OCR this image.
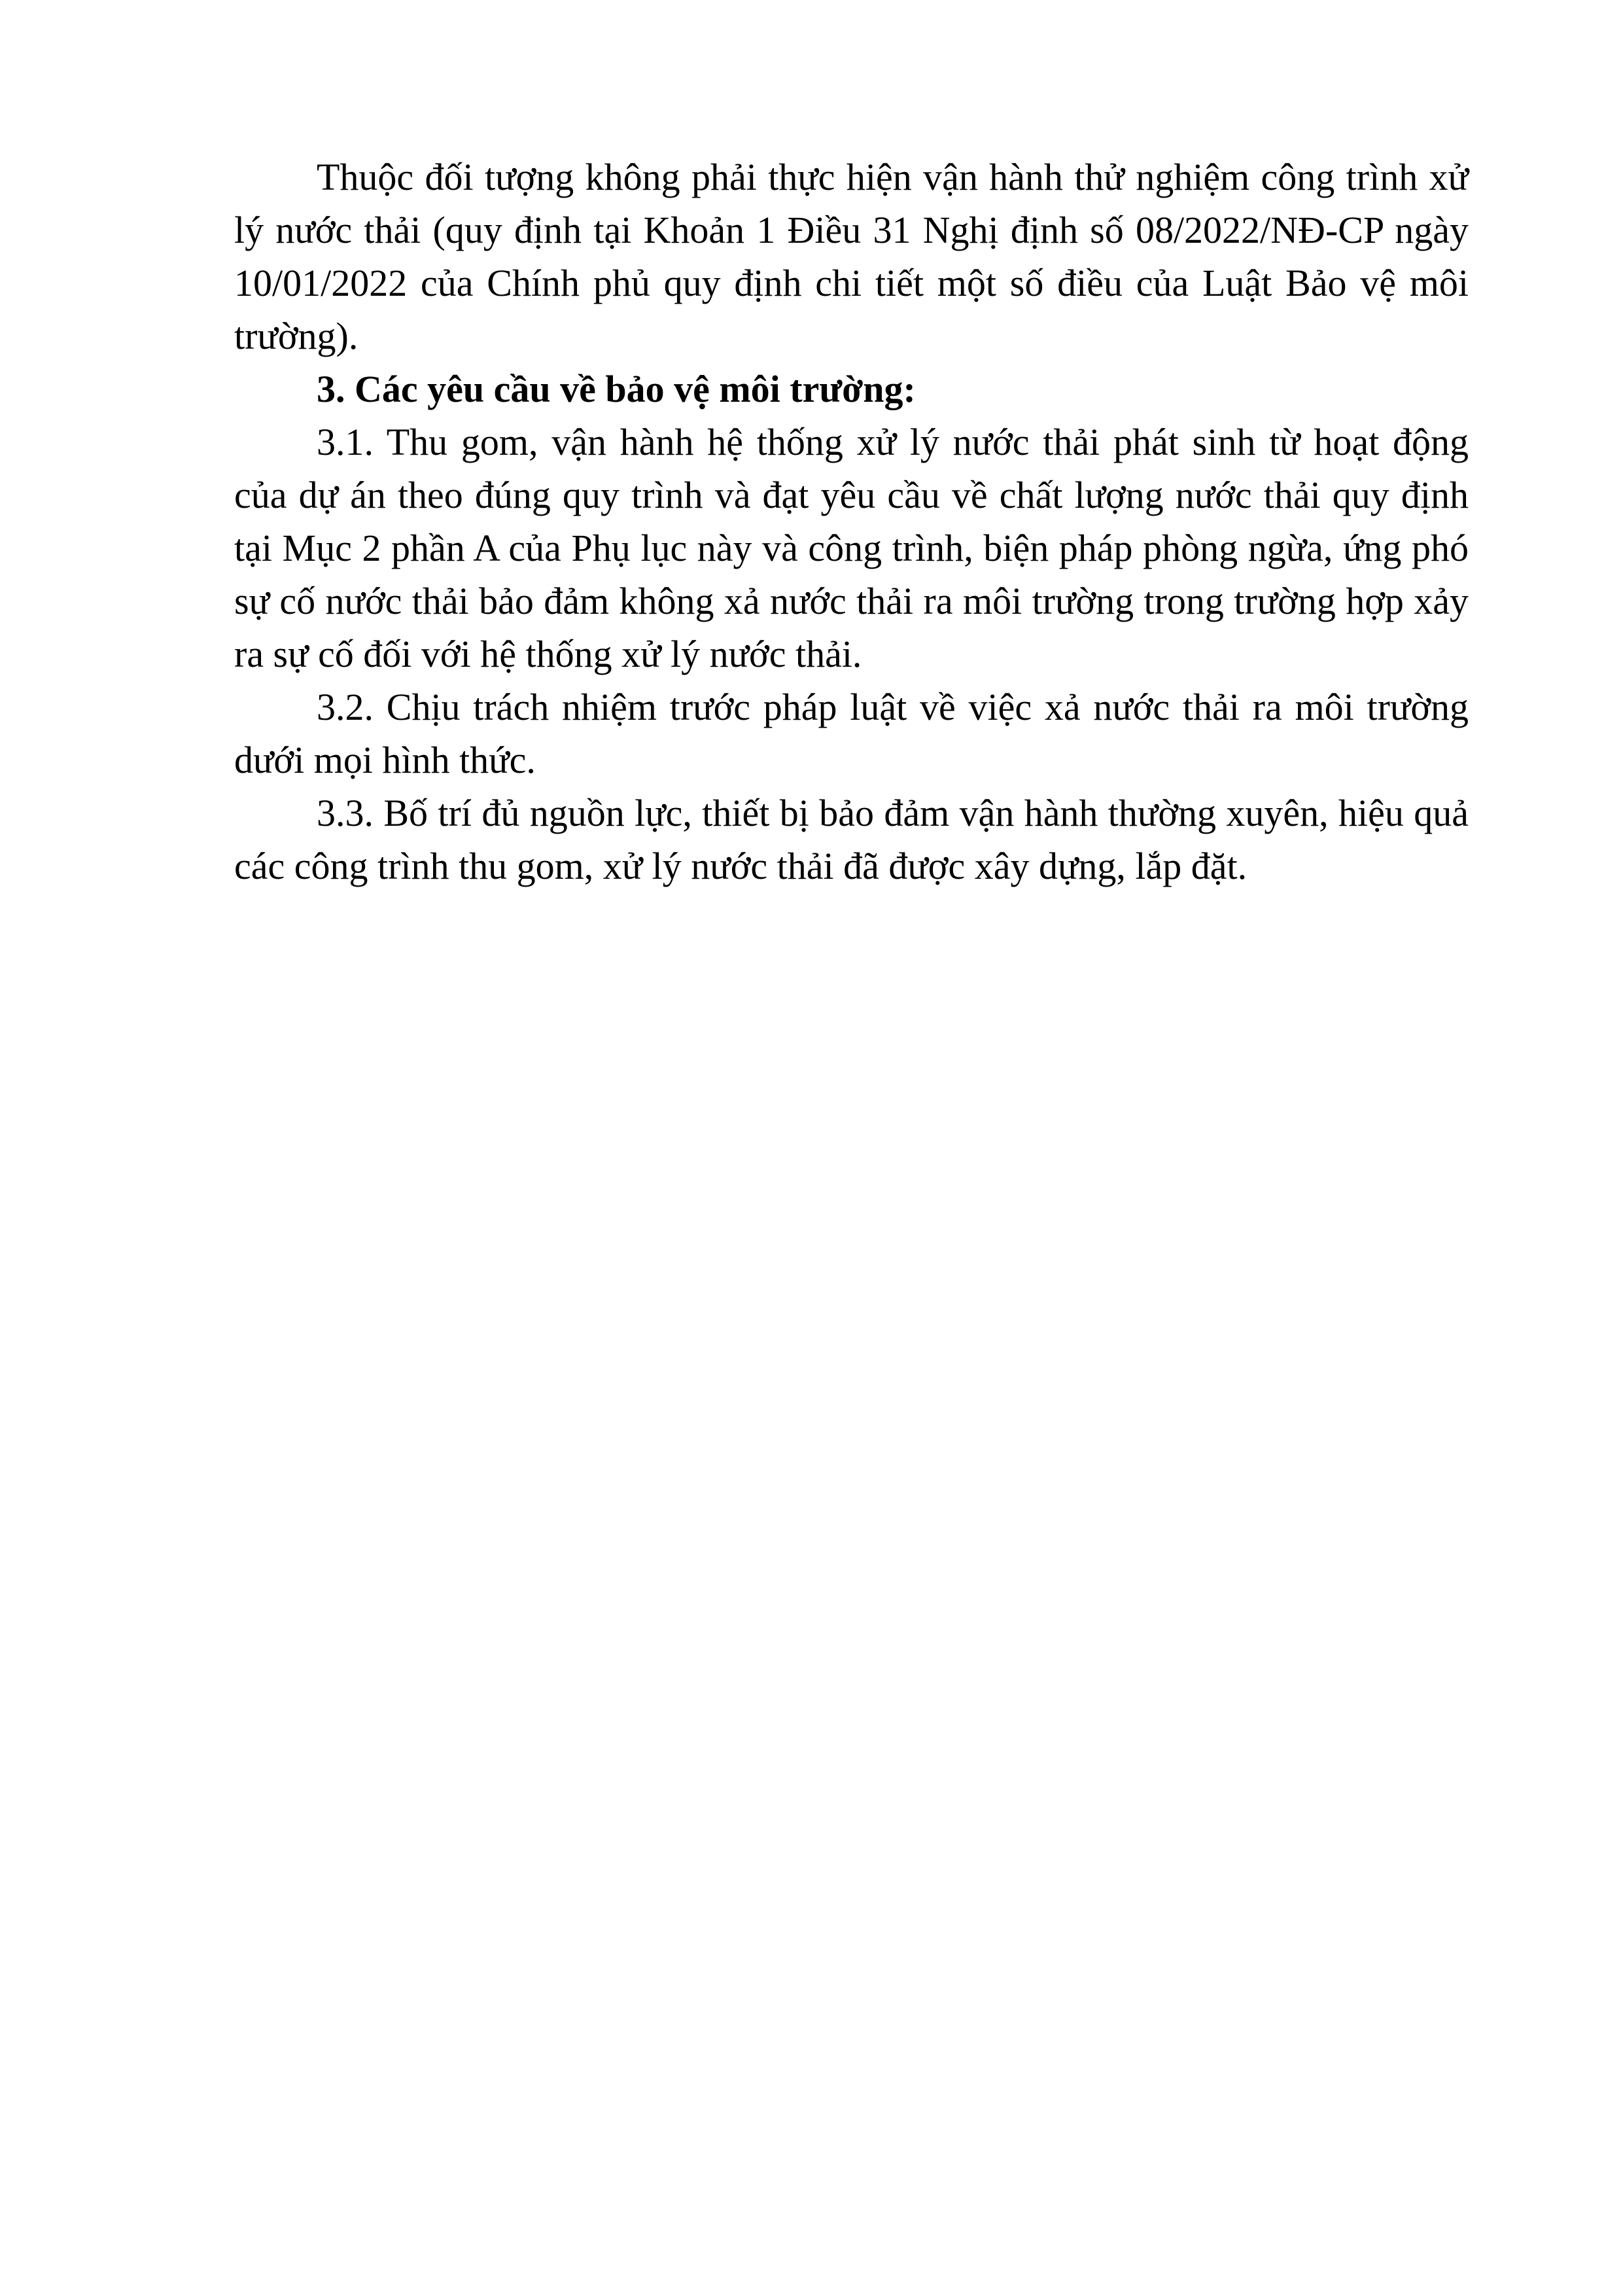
Thuộc đối tượng không phải thực hiện vận hành thử nghiệm công trình xử
lý nước thải (quy định tại Khoản 1 Điều 31 Nghị định số 08/2022/NĐ-CP ngày
10/01/2022 của Chính phủ quy định chi tiết một số điều của Luật Bảo vệ môi
trường).
3. Các yêu cầu về bảo vệ môi trường:
3.1. Thu gom, vận hành hệ thống xử lý nước thải phát sinh từ hoạt động
của dự án theo đúng quy trình và đạt yêu cầu về chất lượng nước thải quy định
tại Mục 2 phần A của Phụ lục này và công trình, biện pháp phòng ngừa, ứng phó
sự cố nước thải bảo đảm không xả nước thải ra môi trường trong trường hợp xảy
ra sự cố đối với hệ thống xử lý nước thải.
3.2. Chịu trách nhiệm trước pháp luật về việc xả nước thải ra môi trường
dưới mọi hình thức.
3.3. Bố trí đủ nguồn lực, thiết bị bảo đảm vận hành thường xuyên, hiệu quả
các công trình thu gom, xử lý nước thải đã được xây dựng, lắp đặt.
